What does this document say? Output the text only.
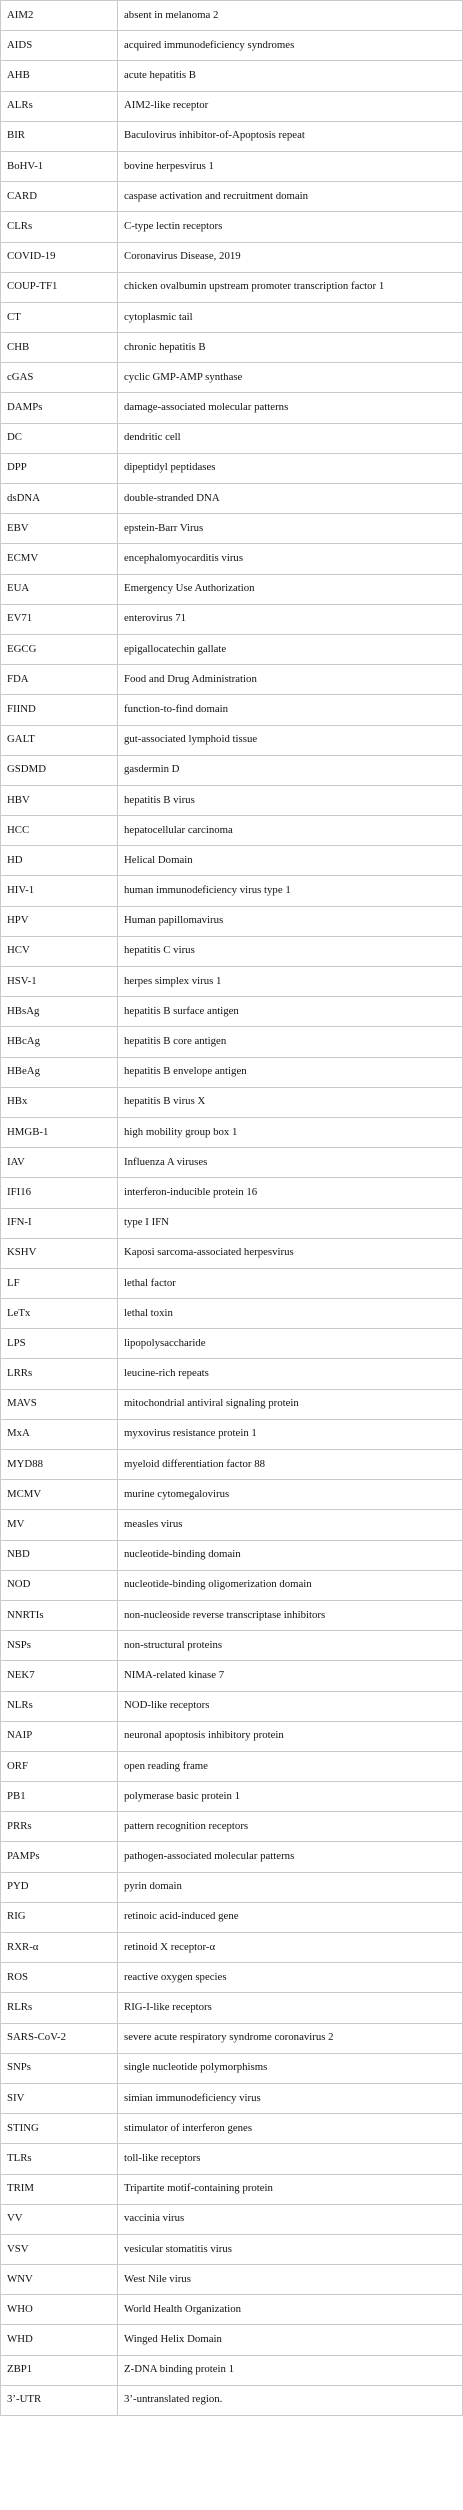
AIM2	absent in melanoma 2
AIDS	acquired immunodeficiency syndromes
AHB	acute hepatitis B
ALRs	AIM2-like receptor
BIR	Baculovirus inhibitor-of-Apoptosis repeat
BoHV-1	bovine herpesvirus 1
CARD	caspase activation and recruitment domain
CLRs	C-type lectin receptors
COVID-19	Coronavirus Disease, 2019
COUP-TF1	chicken ovalbumin upstream promoter transcription factor 1
CT	cytoplasmic tail
CHB	chronic hepatitis B
cGAS	cyclic GMP-AMP synthase
DAMPs	damage-associated molecular patterns
DC	dendritic cell
DPP	dipeptidyl peptidases
dsDNA	double-stranded DNA
EBV	epstein-Barr Virus
ECMV	encephalomyocarditis virus
EUA	Emergency Use Authorization
EV71	enterovirus 71
EGCG	epigallocatechin gallate
FDA	Food and Drug Administration
FIIND	function-to-find domain
GALT	gut-associated lymphoid tissue
GSDMD	gasdermin D
HBV	hepatitis B virus
HCC	hepatocellular carcinoma
HD	Helical Domain
HIV-1	human immunodeficiency virus type 1
HPV	Human papillomavirus
HCV	hepatitis C virus
HSV-1	herpes simplex virus 1
HBsAg	hepatitis B surface antigen
HBcAg	hepatitis B core antigen
HBeAg	hepatitis B envelope antigen
HBx	hepatitis B virus X
HMGB-1	high mobility group box 1
IAV	Influenza A viruses
IFI16	interferon-inducible protein 16
IFN-I	type I IFN
KSHV	Kaposi sarcoma-associated herpesvirus
LF	lethal factor
LeTx	lethal toxin
LPS	lipopolysaccharide
LRRs	leucine-rich repeats
MAVS	mitochondrial antiviral signaling protein
MxA	myxovirus resistance protein 1
MYD88	myeloid differentiation factor 88
MCMV	murine cytomegalovirus
MV	measles virus
NBD	nucleotide-binding domain
NOD	nucleotide-binding oligomerization domain
NNRTIs	non-nucleoside reverse transcriptase inhibitors
NSPs	non-structural proteins
NEK7	NIMA-related kinase 7
NLRs	NOD-like receptors
NAIP	neuronal apoptosis inhibitory protein
ORF	open reading frame
PB1	polymerase basic protein 1
PRRs	pattern recognition receptors
PAMPs	pathogen-associated molecular patterns
PYD	pyrin domain
RIG	retinoic acid-induced gene
RXR-α	retinoid X receptor-α
ROS	reactive oxygen species
RLRs	RIG-I-like receptors
SARS-CoV-2	severe acute respiratory syndrome coronavirus 2
SNPs	single nucleotide polymorphisms
SIV	simian immunodeficiency virus
STING	stimulator of interferon genes
TLRs	toll-like receptors
TRIM	Tripartite motif-containing protein
VV	vaccinia virus
VSV	vesicular stomatitis virus
WNV	West Nile virus
WHO	World Health Organization
WHD	Winged Helix Domain
ZBP1	Z-DNA binding protein 1
3’-UTR	3’-untranslated region.
